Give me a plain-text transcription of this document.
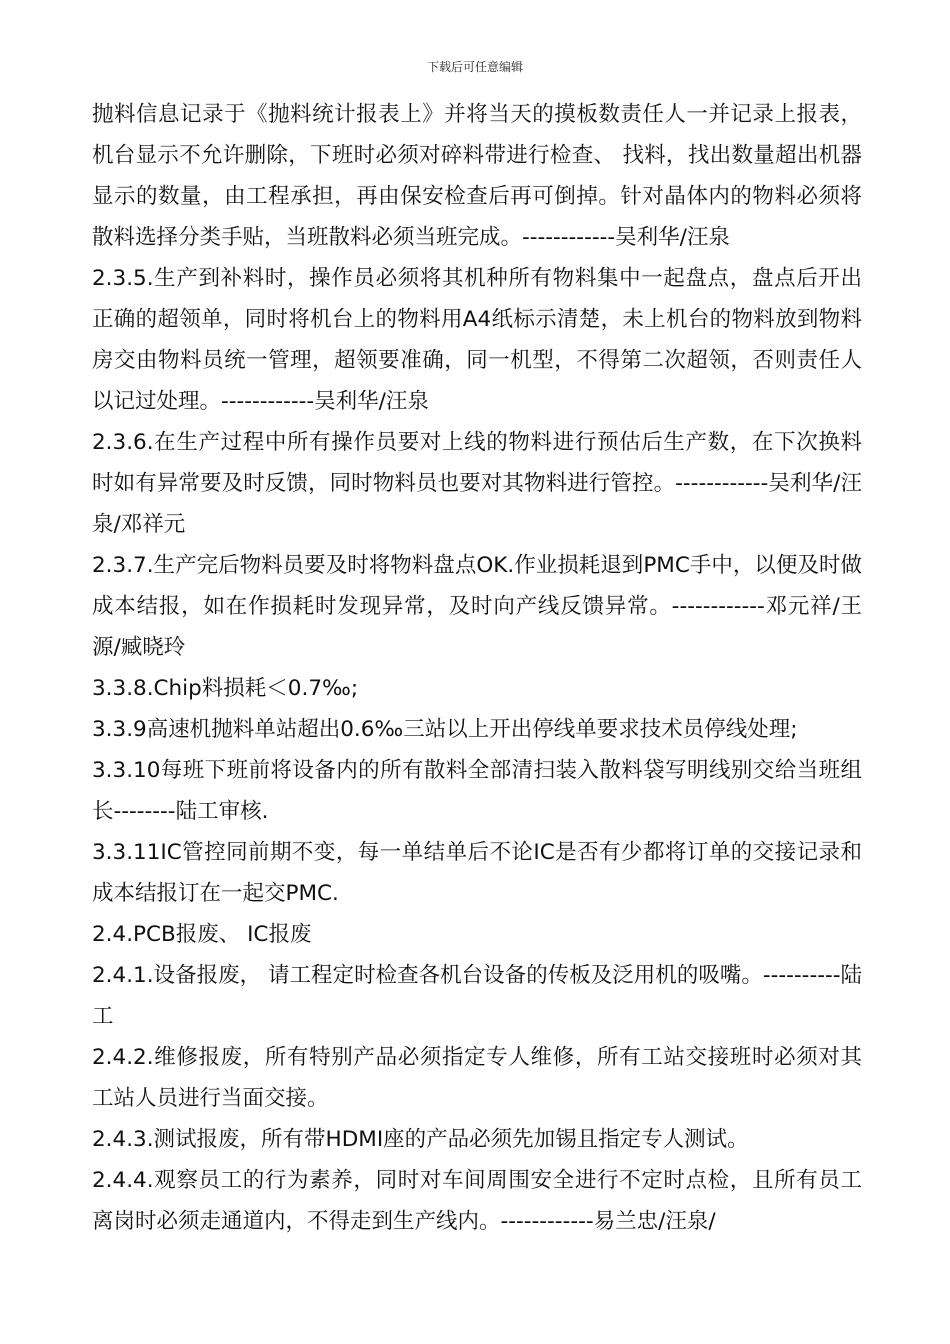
下载后可任意编辑

抛料信息记录于《抛料统计报表上》并将当天的摸板数责任人一并记录上报表，机台显示不允许删除，下班时必须对碎料带进行检查、 找料，找出数量超出机器显示的数量，由工程承担，再由保安检查后再可倒掉。针对晶体内的物料必须将散料选择分类手贴，当班散料必须当班完成。------------吴利华/汪泉

2.3.5.生产到补料时，操作员必须将其机种所有物料集中一起盘点，盘点后开出正确的超领单，同时将机台上的物料用A4纸标示清楚，未上机台的物料放到物料房交由物料员统一管理，超领要准确，同一机型，不得第二次超领，否则责任人以记过处理。------------吴利华/汪泉

2.3.6.在生产过程中所有操作员要对上线的物料进行预估后生产数，在下次换料时如有异常要及时反馈，同时物料员也要对其物料进行管控。------------吴利华/汪泉/邓祥元

2.3.7.生产完后物料员要及时将物料盘点OK.作业损耗退到PMC手中，以便及时做成本结报，如在作损耗时发现异常，及时向产线反馈异常。------------邓元祥/王源/臧晓玲

3.3.8.Chip料损耗＜0.7‰;

3.3.9高速机抛料单站超出0.6‰三站以上开出停线单要求技术员停线处理;

3.3.10每班下班前将设备内的所有散料全部清扫装入散料袋写明线别交给当班组长--------陆工审核.

3.3.11IC管控同前期不变，每一单结单后不论IC是否有少都将订单的交接记录和成本结报订在一起交PMC.

2.4.PCB报废、 IC报废

2.4.1.设备报废， 请工程定时检查各机台设备的传板及泛用机的吸嘴。----------陆工

2.4.2.维修报废，所有特别产品必须指定专人维修，所有工站交接班时必须对其工站人员进行当面交接。

2.4.3.测试报废，所有带HDMI座的产品必须先加锡且指定专人测试。

2.4.4.观察员工的行为素养，同时对车间周围安全进行不定时点检，且所有员工离岗时必须走通道内，不得走到生产线内。------------易兰忠/汪泉/
